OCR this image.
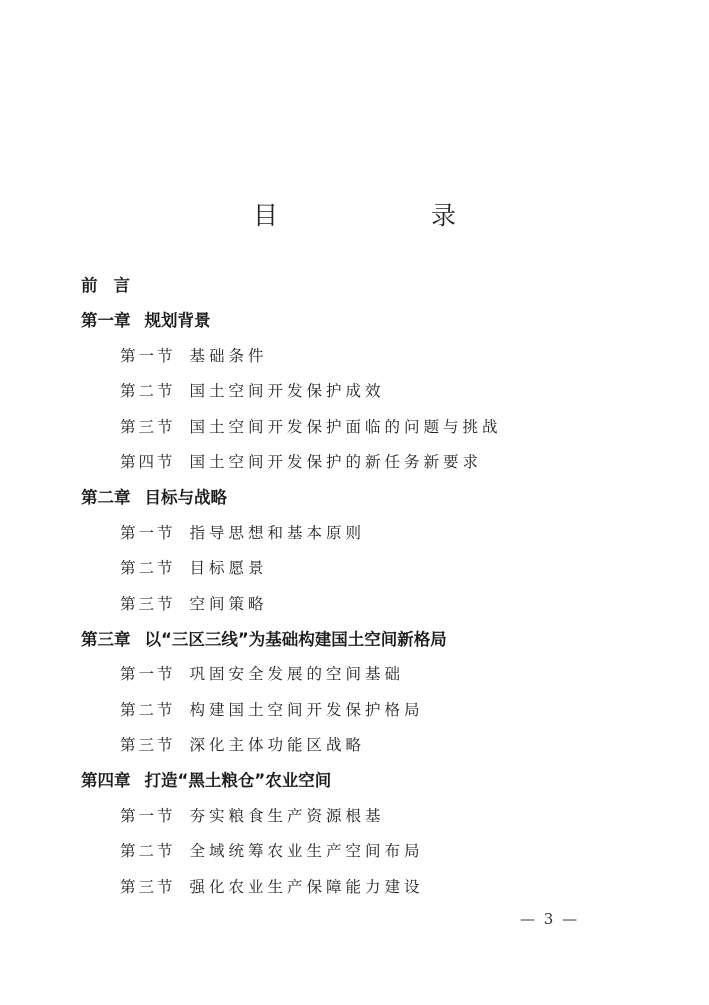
目　录
前言
第一章 规划背景
第一节 基础条件
第二节 国土空间开发保护成效
第三节 国土空间开发保护面临的问题与挑战
第四节 国土空间开发保护的新任务新要求
第二章 目标与战略
第一节 指导思想和基本原则
第二节 目标愿景
第三节 空间策略
第三章 以“三区三线”为基础构建国土空间新格局
第一节 巩固安全发展的空间基础
第二节 构建国土空间开发保护格局
第三节 深化主体功能区战略
第四章 打造“黑土粮仓”农业空间
第一节 夯实粮食生产资源根基
第二节 全域统筹农业生产空间布局
第三节 强化农业生产保障能力建设
— 3 —
